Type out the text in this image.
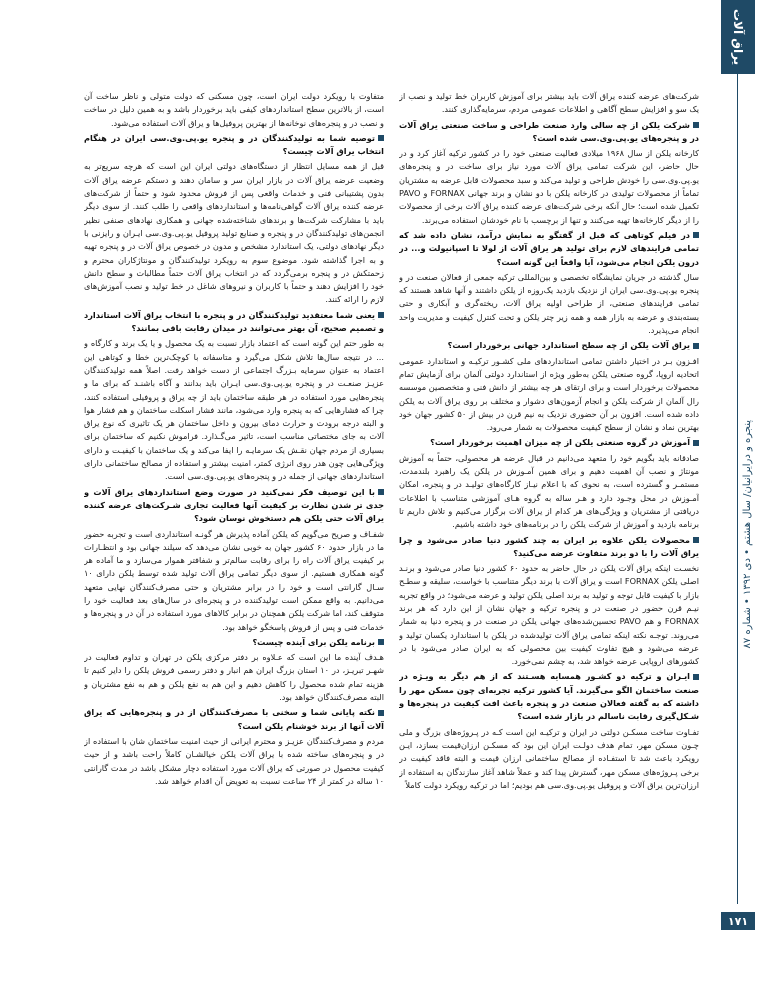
یراق آلات
پنجره و درایرانیان/ سال هشتم • دی ۱۳۹۲ • شماره ۸۷
۱۷۱

شرکت‌های عرضه کننده یراق آلات باید بیشتر برای آموزش کاربران خط تولید و نصب از یک سو و افزایش سطح آگاهی و اطلاعات عمومی مردم، سرمایه‌گذاری کنند.

شرکت یلکن از چه سالی وارد صنعت طراحی و ساخت صنعتی یراق آلات در و پنجره‌های یو.پی.وی.سی شده است؟

کارخانه یلکن از سال ۱۹۶۸ میلادی فعالیت صنعتی خود را در کشور ترکیه آغاز کرد و در حال حاضر، این شرکت تمامی یراق آلات مورد نیاز برای ساخت در و پنجره‌های یو.پی.وی.سی را خودش طراحی و تولید می‌کند و سبد محصولات قابل عرضه به مشتریان تماماً از محصولات تولیدی در کارخانه یلکن با دو نشان و برند جهانی FORNAX و PAVO تکمیل شده است؛ حال آنکه برخی شرکت‌های عرضه کننده یراق آلات برخی از محصولات را از دیگر کارخانه‌ها تهیه می‌کنند و تنها از برچسب با نام خودشان استفاده می‌برند.

در فیلم کوتاهی که قبل از گفتگو به نمایش درآمد، نشان داده شد که تمامی فرایندهای لازم برای تولید هر یراق آلات از لولا تا اسپانیولت و... در درون یلکن انجام می‌شود، آیا واقعاً این گونه است؟

سال گذشته در جریان نمایشگاه تخصصی و بین‌المللی ترکیه جمعی از فعالان صنعت در و پنجره یو.پی.وی.سی ایران از نزدیک بازدید یک‌روزه از یلکن داشتند و آنها شاهد هستند که تمامی فرایندهای صنعتی، از طراحی اولیه یراق آلات، ریخته‌گری و آبکاری و حتی بسته‌بندی و عرضه به بازار همه و همه زیر چتر یلکن و تحت کنترل کیفیت و مدیریت واحد انجام می‌پذیرد.

یراق آلات یلکن از چه سطح استاندارد جهانی برخوردار است؟

افـزون بـر در اختیار داشتن تمامی استانداردهای ملی کشـور ترکیـه و استاندارد عمومی اتحادیه اروپا، گروه صنعتی یلکن به‌طور ویژه از استاندارد دولتی آلمان برای آزمایش تمام محصولات برخوردار است و برای ارتقای هر چه بیشتر از دانش فنی و متخصصین موسسه رال آلمان از شرکت یلکن و انجام آزمون‌های دشوار و مختلف بر روی یراق آلات به یلکن داده شده است. افزون بر آن حضوری نزدیک به نیم قرن در بیش از ۵۰ کشور جهان خود بهترین نماد و نشان از سطح کیفیت محصولات به شمار می‌رود.

آموزش در گروه صنعتی یلکن از چه میزان اهمیت برخوردار است؟

صادقانه باید بگویم خود را متعهد می‌دانیم در قبال عرضه هر محصولی، حتماً به آموزش مونتاژ و نصب آن اهمیت دهیم و برای همین آمـوزش در یلکن یک راهبرد بلندمدت، مستمـر و گسترده است، به نحوی که با اعلام نیـاز کارگاه‌های تولیـد در و پنجره، امکان آمـوزش در محل وجـود دارد و هـر ساله به گروه هـای آموزشی متناسب با اطلاعات دریافتی از مشتریان و ویژگی‌های هر کدام از یراق آلات برگزار می‌کنیم و تلاش داریم تا برنامه بازدید و آموزش از شرکت یلکن را در برنامه‌های خود داشته باشیم.

محصولات یلکن علاوه بر ایران به چند کشور دنیا صادر می‌شود و چرا یراق آلات را با دو برند متفاوت عرضه می‌کنید؟

نخسـت اینکه یراق آلات یلکن در حال حاضر به حدود ۶۰ کشور دنیا صادر می‌شود و برنـد اصلی یلکن FORNAX است و یراق آلات با برند دیگر متناسب با خواست، سلیقه و سطـح بازار با کیفیت قابل توجه و تولید به برند اصلی یلکن تولید و عرضه می‌شود؛ در واقع تجربه نیـم قرن حضور در صنعت در و پنجره ترکیه و جهان نشان از این دارد که هر برند FORNAX و هم PAVO تحسین‌شده‌های جهانی یلکن در صنعت در و پنجره دنیا به شمار می‌روند. توجـه نکته اینکه تمامی یراق آلات تولیدشده در یلکن با استاندارد یکسان تولید و عرضه می‌شود و هیچ تفاوت کیفیت بین محصولی که به ایران صادر می‌شود با در کشورهای اروپایی عرضه خواهد شد، به چشم نمی‌خورد.

ایـران و ترکیه دو کشـور همسایه هسـتند که از هم دیگر به ویـژه در صنعت ساختمان الگو می‌گیرند. آیا کشور ترکیه تجربه‌ای چون مسکن مهر را داشته که به گفته فعالان صنعت در و پنجره باعث افت کیفیت در پنجره‌ها و شـکل‌گیری رقابت ناسالم در بازار شده است؟

تفـاوت ساخت مسکـن دولتی در ایران و ترکیـه این است کـه در پـروژه‌های بزرگ و ملی چـون مسکن مهر، تمام هدف دولـت ایران این بود که مسکـن ارزان‌قیمت بسازد، ایـن رویکرد باعث شد تا استفـاده از مصالح ساختمانی ارزان قیمت و البته فاقد کیفیت در برخی پـروژه‌های مسکن مهر، گسترش پیدا کند و عملاً شاهد آغاز سازندگان به استفاده از ارزان‌ترین یراق آلات و پروفیل یو.پی.وی.سی هم بودیم؛ اما در ترکیه رویکرد دولت کاملاً

متفاوت با رویکرد دولت ایران است، چون مسکنی که دولت متولی و ناظر ساخت آن است، از بالاترین سطح استانداردهای کیفی باید برخوردار باشد و به همین دلیل در ساخت و نصب در و پنجره‌های نوخانه‌ها از بهترین پروفیل‌ها و یراق آلات استفاده می‌شود.

توصیه شما به تولیدکنندگان در و پنجره یو.پی.وی.سی ایران در هنگام انتخاب یراق آلات چیست؟

قبل از همه مسایل انتظار از دستگاه‌های دولتی ایران این است که هرچه سریع‌تر به وضعیت عرضه یراق آلات در بازار ایران سر و سامان دهند و دستکم عرضه یراق آلات بدون پشتیبانی فنی و خدمات واقعی پس از فروش محدود شود و حتماً از شرکت‌های عرضه کننده یراق آلات گواهی‌نامه‌ها و استانداردهای واقعی را طلب کنند. از سوی دیگر باید با مشارکت شرکت‌ها و برندهای شناخته‌شده جهانی و همکاری نهادهای صنفی نظیر انجمن‌های تولیدکنندگان در و پنجره و صنایع تولید پروفیل یو.پی.وی.سی ایـران و رایزنی با دیگر نهادهای دولتی، یک استاندارد مشخص و مدون در خصوص یراق آلات در و پنجره تهیه و به اجرا گذاشته شود. موضوع سوم به رویکرد تولیدکنندگان و مونتاژکاران محترم و زحمتکش در و پنجره برمی‌گردد که در انتخاب یراق آلات حتماً مطالبات و سطح دانش خود را افزایش دهند و حتماً با کاربران و نیروهای شاغل در خط تولید و نصب آموزش‌های لازم را ارائه کنند.

یعنی شما معتقدید تولیدکنندگان در و پنجره با انتخاب یراق آلات استاندارد و تصمیم صحیح، آن بهتر می‌توانند در میدان رقابت باقی بمانند؟

به طور حتم این گونه است که اعتماد بازار نسبت به یک محصول و یا یک برند و کارگاه و ... در نتیجه سال‌ها تلاش شکل می‌گیرد و متاسفانه با کوچک‌ترین خطا و کوتاهی این اعتماد به عنوان سرمایه بـزرگ اجتماعی از دست خواهد رفت. اصلاً همه تولیدکنندگان عزیـز صنعـت در و پنجره یو.پی.وی.سی ایـران باید بدانند و آگاه باشنـد که برای ما و پنجره‌هایی مورد استفاده در هر طبقه ساختمان باید از چه یراق و پروفیلی استفاده کنند، چرا که فشارهایی که به پنجره وارد می‌شود، مانند فشار اسکلت ساختمان و هم فشار هوا و البته درجه برودت و حرارت دمای بیرون و داخل ساختمان هر یک تاثیری که نوع یراق آلات به جای مختصاتی مناسب است، تاثیر می‌گـذارد. فراموش نکنیم که ساختمان برای بسیاری از مردم جهان نقـش یک سرمایـه را ایفا می‌کند و یک ساختمان با کیفیـت و دارای ویژگی‌هایی چون هدر روی انرژی کمتر، امنیت بیشتر و استفاده از مصالح ساختمانی دارای استانداردهای جهانی از جمله در و پنجره‌های یو.پی.وی.سی است.

با این توصیف فکر نمی‌کنید در صورت وضع استانداردهای یراق آلات و جدی تر شدن نظارت بر کیفیت آنها فعالیت تجاری شـرکت‌های عرضه کننده یراق آلات حتی یلکن هم دستخوش نوسان شود؟

شفـاف و صریح می‌گویم که یلکن آماده پذیرش هر گونـه استانداردی است و تجربه حضور ما در بازار حدود ۶۰ کشور جهان به خوبی نشان می‌دهد که سیلند جهانی بود و انتظـارات بر کیفیت یراق آلات راه را برای رقابت سالم‌تر و شفافتر هموار می‌سازد و ما آماده هر گونه همکاری هستیم. از سوی دیگر تمامی یراق آلات تولید شده توسط یلکن دارای ۱۰ سـال گارانتی است و خود را در برابر مشتریان و حتی مصرف‌کنندگان نهایی متعهد می‌دانیم. به واقع ممکن است تولیدکننده در و پنجره‌ای در سال‌های بعد فعالیت خود را متوقف کند، اما شرکت یلکن همچنان در برابر کالاهای مورد استفاده در آن در و پنجره‌ها و خدمات فنی و پس از فروش پاسخگو خواهد بود.

برنامه یلکن برای آینده چیست؟

هـدف آینده ما این است که عـلاوه بر دفتر مرکزی یلکن در تهران و تداوم فعالیت در شهـر تبریـز، در ۱۰ استان بزرگ ایران هم انبار و دفتر رسمی فروش یلکن را دایر کنیم تا هزینه تمام شده محصول را کاهش دهیم و این هم به نفع یلکن و هم به نفع مشتریان و البته مصرف‌کنندگان خواهد بود.

نکته پایانی شما و سخنی با مصرف‌کنندگان از در و پنجره‌هایی که یراق آلات آنها از برند خوشنام یلکن است؟

مردم و مصرف‌کنندگان عزیـز و محترم ایرانی از حیث امنیت ساختمان شان با استفاده از در و پنجره‌های ساخته شده با یراق آلات یلکن خیالشـان کاملاً راحت باشد و از حیث کیفیت محصول در صورتی که یراق آلات مورد استفاده دچار مشکل باشد در مدت گارانتی ۱۰ ساله در کمتر از ۲۴ ساعت نسبت به تعویض آن اقدام خواهد شد.
